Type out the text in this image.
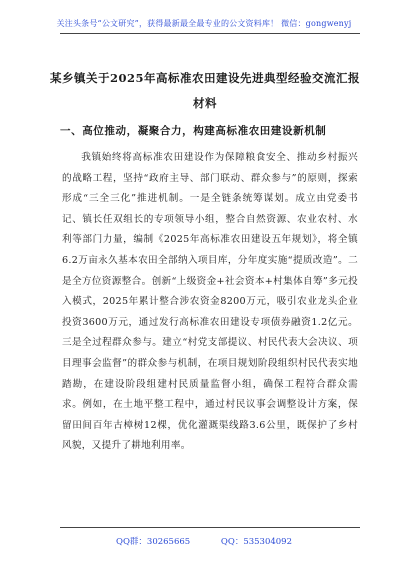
关注头条号“公文研究”，获得最新最全最专业的公文资料库！ 微信：gongwenyj
某乡镇关于2025年高标准农田建设先进典型经验交流汇报材料
一、高位推动，凝聚合力，构建高标准农田建设新机制
我镇始终将高标准农田建设作为保障粮食安全、推动乡村振兴的战略工程，坚持“政府主导、部门联动、群众参与”的原则，探索形成“三全三化”推进机制。一是全链条统筹谋划。成立由党委书记、镇长任双组长的专项领导小组，整合自然资源、农业农村、水利等部门力量，编制《2025年高标准农田建设五年规划》，将全镇6.2万亩永久基本农田全部纳入项目库，分年度实施“提质改造”。二是全方位资源整合。创新“上级资金+社会资本+村集体自筹”多元投入模式，2025年累计整合涉农资金8200万元，吸引农业龙头企业投资3600万元，通过发行高标准农田建设专项债券融资1.2亿元。三是全过程群众参与。建立“村党支部提议、村民代表大会决议、项目理事会监督”的群众参与机制，在项目规划阶段组织村民代表实地踏勘，在建设阶段组建村民质量监督小组，确保工程符合群众需求。例如，在土地平整工程中，通过村民议事会调整设计方案，保留田间百年古樟树12棵，优化灌溉渠线路3.6公里，既保护了乡村风貌，又提升了耕地利用率。
QQ群：30265665	QQ：535304092
